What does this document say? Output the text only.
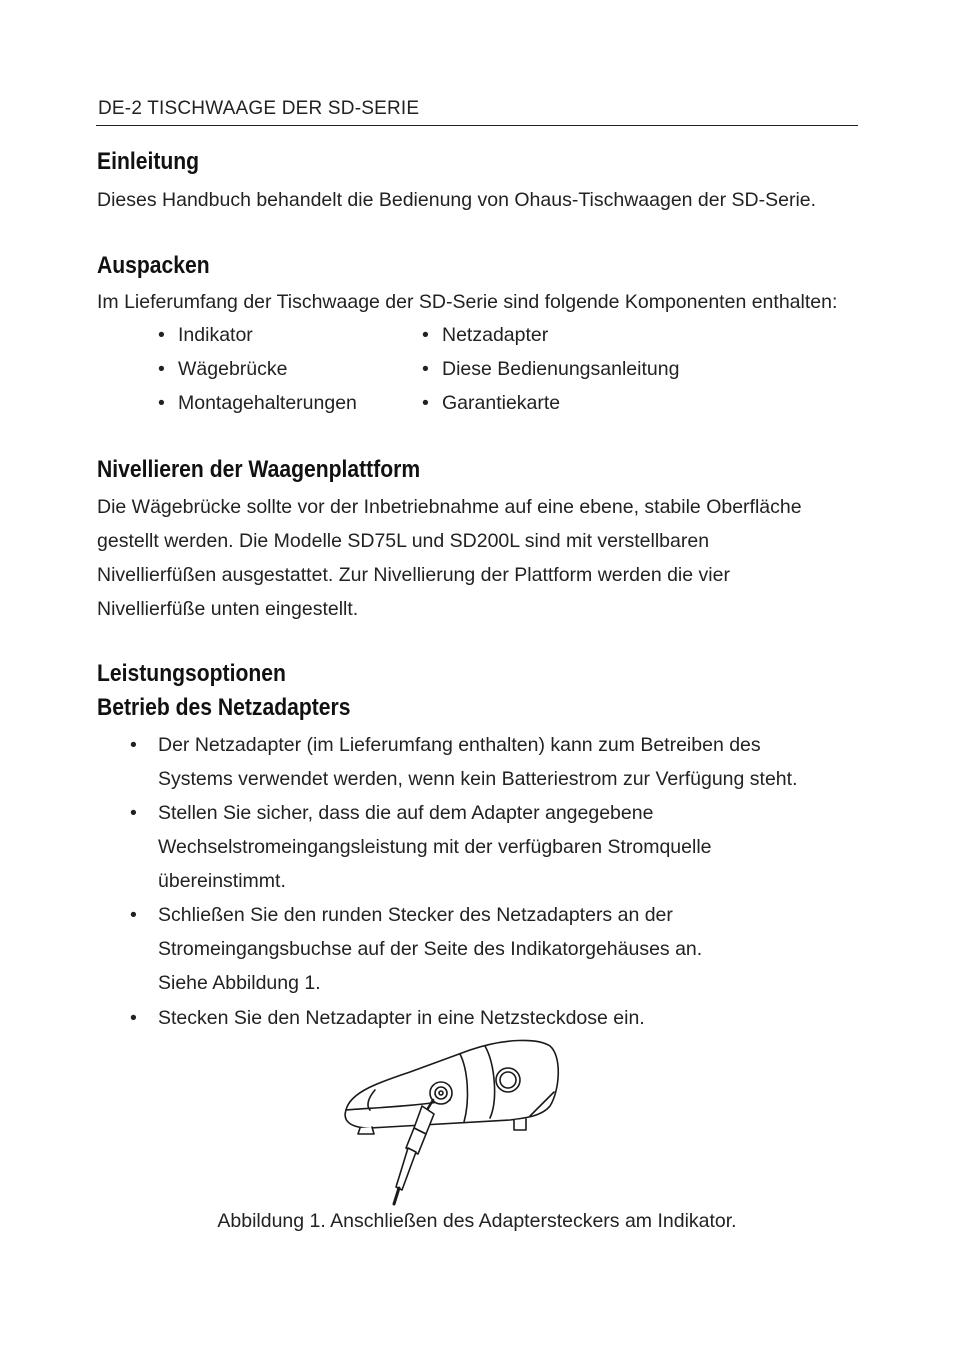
DE-2 TISCHWAAGE DER SD-SERIE
Einleitung

Dieses Handbuch behandelt die Bedienung von Ohaus-Tischwaagen der SD-Serie.

Auspacken

Im Lieferumfang der Tischwaage der SD-Serie sind folgende Komponenten enthalten:

• Indikator
• Wägebrücke
• Montagehalterungen
• Netzadapter
• Diese Bedienungsanleitung
• Garantiekarte
Nivellieren der Waagenplattform

Die Wägebrücke sollte vor der Inbetriebnahme auf eine ebene, stabile Oberfläche

gestellt werden. Die Modelle SD75L und SD200L sind mit verstellbaren

Nivellierfüßen ausgestattet. Zur Nivellierung der Plattform werden die vier

Nivellierfüße unten eingestellt.

Leistungsoptionen
Betrieb des Netzadapters
• Der Netzadapter (im Lieferumfang enthalten) kann zum Betreiben des
Systems verwendet werden, wenn kein Batteriestrom zur Verfügung steht.
• Stellen Sie sicher, dass die auf dem Adapter angegebene
Wechselstromeingangsleistung mit der verfügbaren Stromquelle
übereinstimmt.
• Schließen Sie den runden Stecker des Netzadapters an der
Stromeingangsbuchse auf der Seite des Indikatorgehäuses an.
Siehe Abbildung 1.
• Stecken Sie den Netzadapter in eine Netzsteckdose ein.
Abbildung 1. Anschließen des Adaptersteckers am Indikator.
